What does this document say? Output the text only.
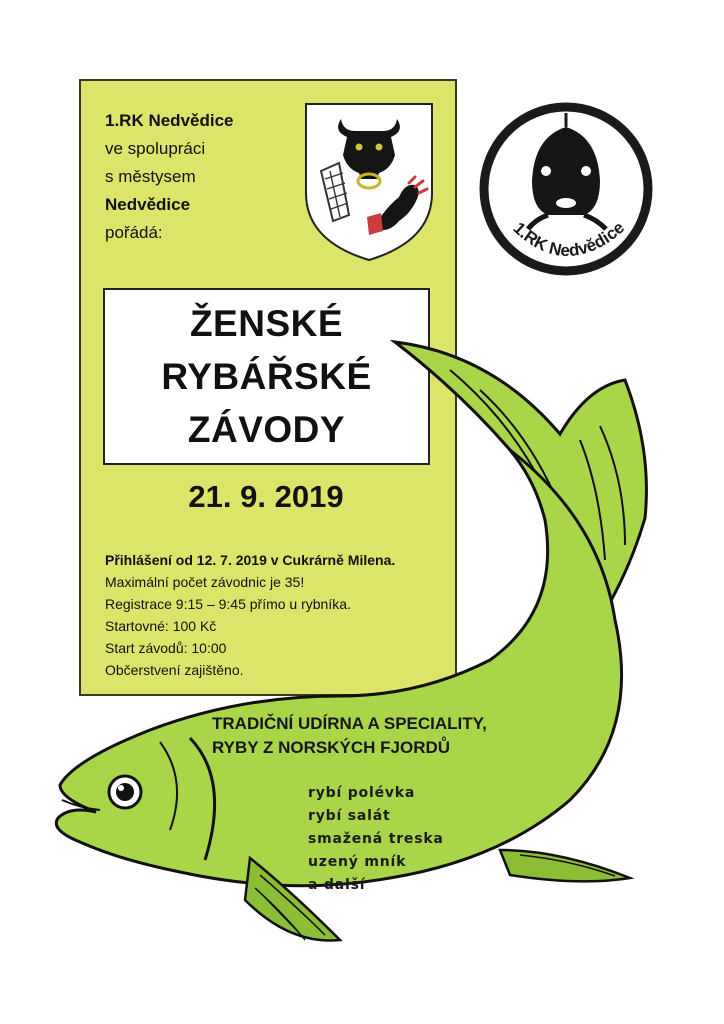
1.RK Nedvědice
ve spolupráci
s městysem
Nedvědice
pořádá:
ŽENSKÉ
RYBÁŘSKÉ
ZÁVODY
21. 9. 2019
Přihlášení od 12. 7. 2019 v Cukrárně Milena.
Maximální počet závodnic je 35!
Registrace 9:15 – 9:45 přímo u rybníka.
Startovné: 100 Kč
Start závodů: 10:00
Občerstvení zajištěno.
1.RK Nedvědice
TRADIČNÍ UDÍRNA A SPECIALITY,
RYBY Z NORSKÝCH FJORDŮ
rybí polévka
rybí salát
smažená treska
uzený mník
a další
